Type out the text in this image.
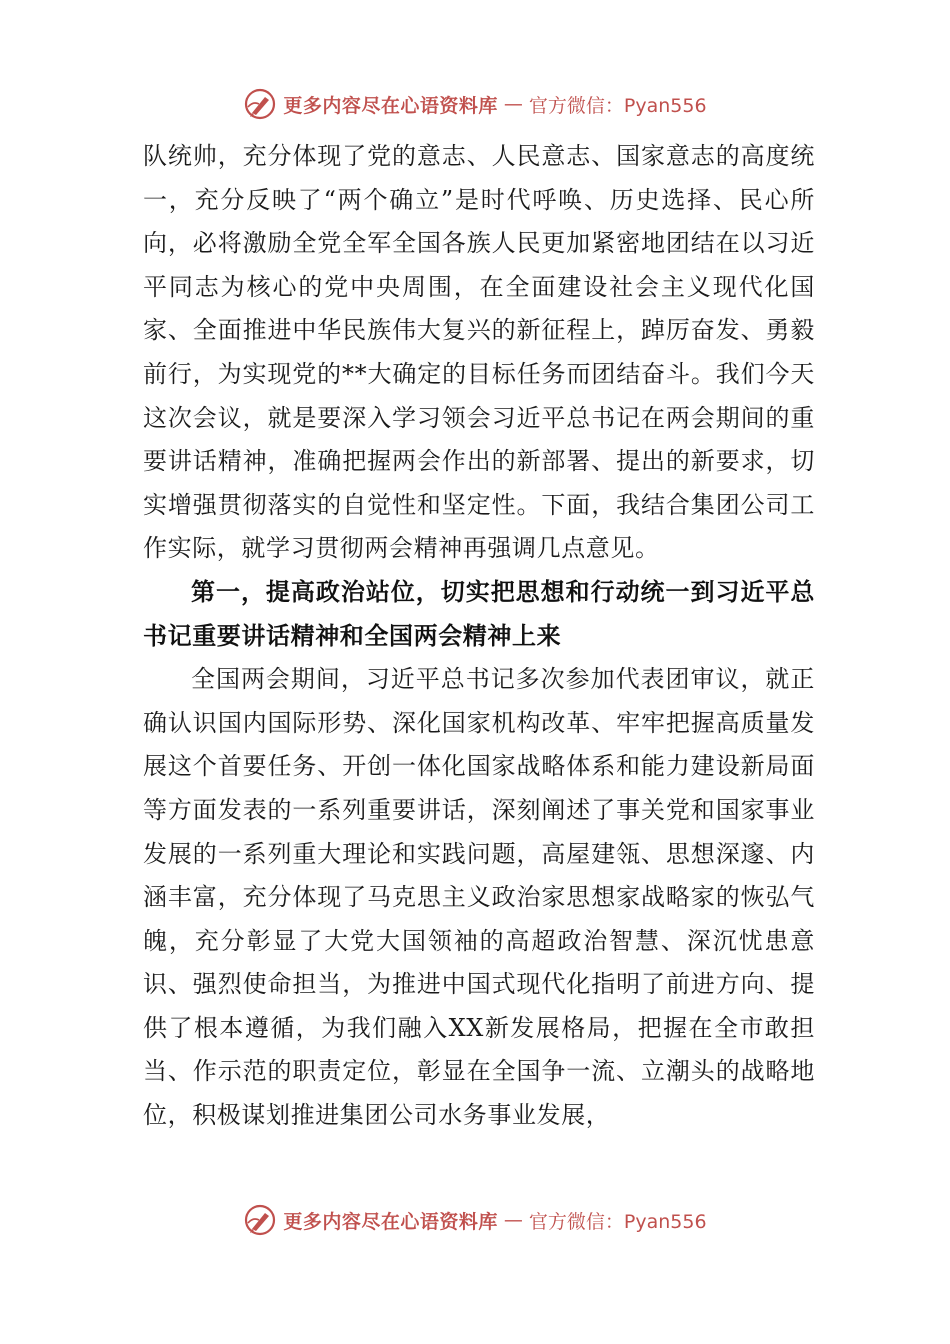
更多内容尽在心语资料库 — 官方微信：Pyan556

队统帅，充分体现了党的意志、人民意志、国家意志的高度统一，充分反映了“两个确立”是时代呼唤、历史选择、民心所向，必将激励全党全军全国各族人民更加紧密地团结在以习近平同志为核心的党中央周围，在全面建设社会主义现代化国家、全面推进中华民族伟大复兴的新征程上，踔厉奋发、勇毅前行，为实现党的**大确定的目标任务而团结奋斗。我们今天这次会议，就是要深入学习领会习近平总书记在两会期间的重要讲话精神，准确把握两会作出的新部署、提出的新要求，切实增强贯彻落实的自觉性和坚定性。下面，我结合集团公司工作实际，就学习贯彻两会精神再强调几点意见。

第一，提高政治站位，切实把思想和行动统一到习近平总书记重要讲话精神和全国两会精神上来

全国两会期间，习近平总书记多次参加代表团审议，就正确认识国内国际形势、深化国家机构改革、牢牢把握高质量发展这个首要任务、开创一体化国家战略体系和能力建设新局面等方面发表的一系列重要讲话，深刻阐述了事关党和国家事业发展的一系列重大理论和实践问题，高屋建瓴、思想深邃、内涵丰富，充分体现了马克思主义政治家思想家战略家的恢弘气魄，充分彰显了大党大国领袖的高超政治智慧、深沉忧患意识、强烈使命担当，为推进中国式现代化指明了前进方向、提供了根本遵循，为我们融入XX新发展格局，把握在全市敢担当、作示范的职责定位，彰显在全国争一流、立潮头的战略地位，积极谋划推进集团公司水务事业发展，

更多内容尽在心语资料库 — 官方微信：Pyan556
